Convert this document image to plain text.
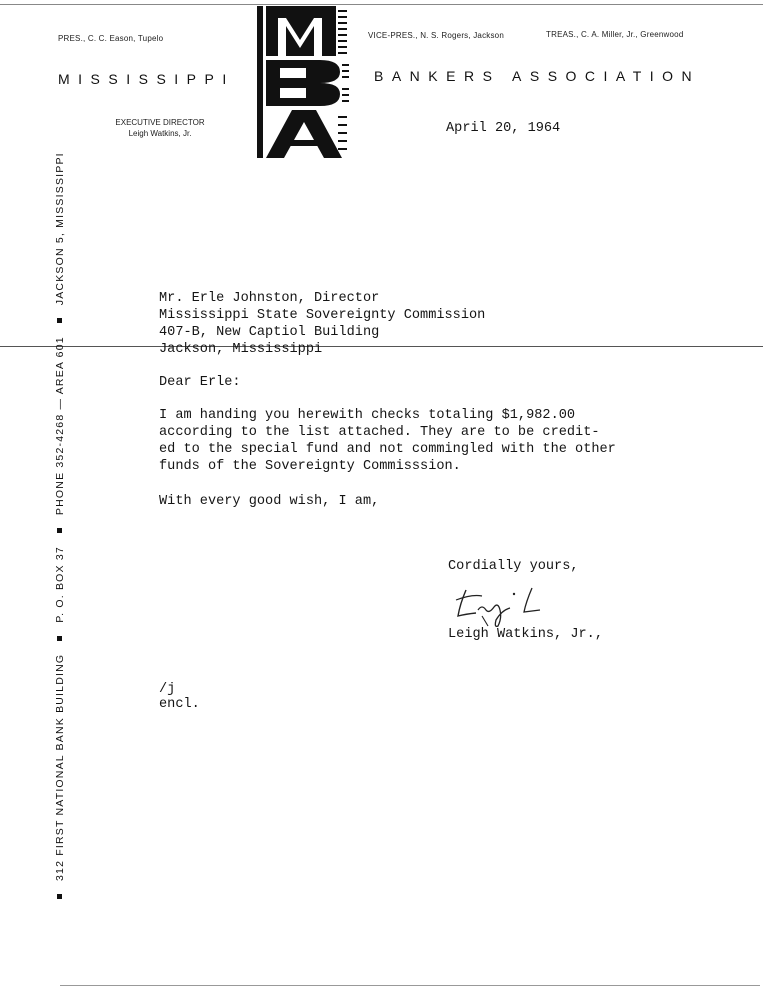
PRES., C. C. Eason, Tupelo	VICE-PRES., N. S. Rogers, Jackson	TREAS., C. A. Miller, Jr., Greenwood
MISSISSIPPI	BANKERS ASSOCIATION
EXECUTIVE DIRECTOR
Leigh Watkins, Jr.
312 FIRST NATIONAL BANK BUILDINGP. O. BOX 37PHONE 352-4268 — AREA 601JACKSON 5, MISSISSIPPI
April 20, 1964
Mr. Erle Johnston, Director
Mississippi State Sovereignty Commission
407-B, New Captiol Building
Jackson, Mississippi
Dear Erle:
I am handing you herewith checks totaling $1,982.00
according to the list attached. They are to be credit-
ed to the special fund and not commingled with the other
funds of the Sovereignty Commisssion.
With every good wish, I am,
Cordially yours,
Leigh Watkins, Jr.,
/j
encl.
